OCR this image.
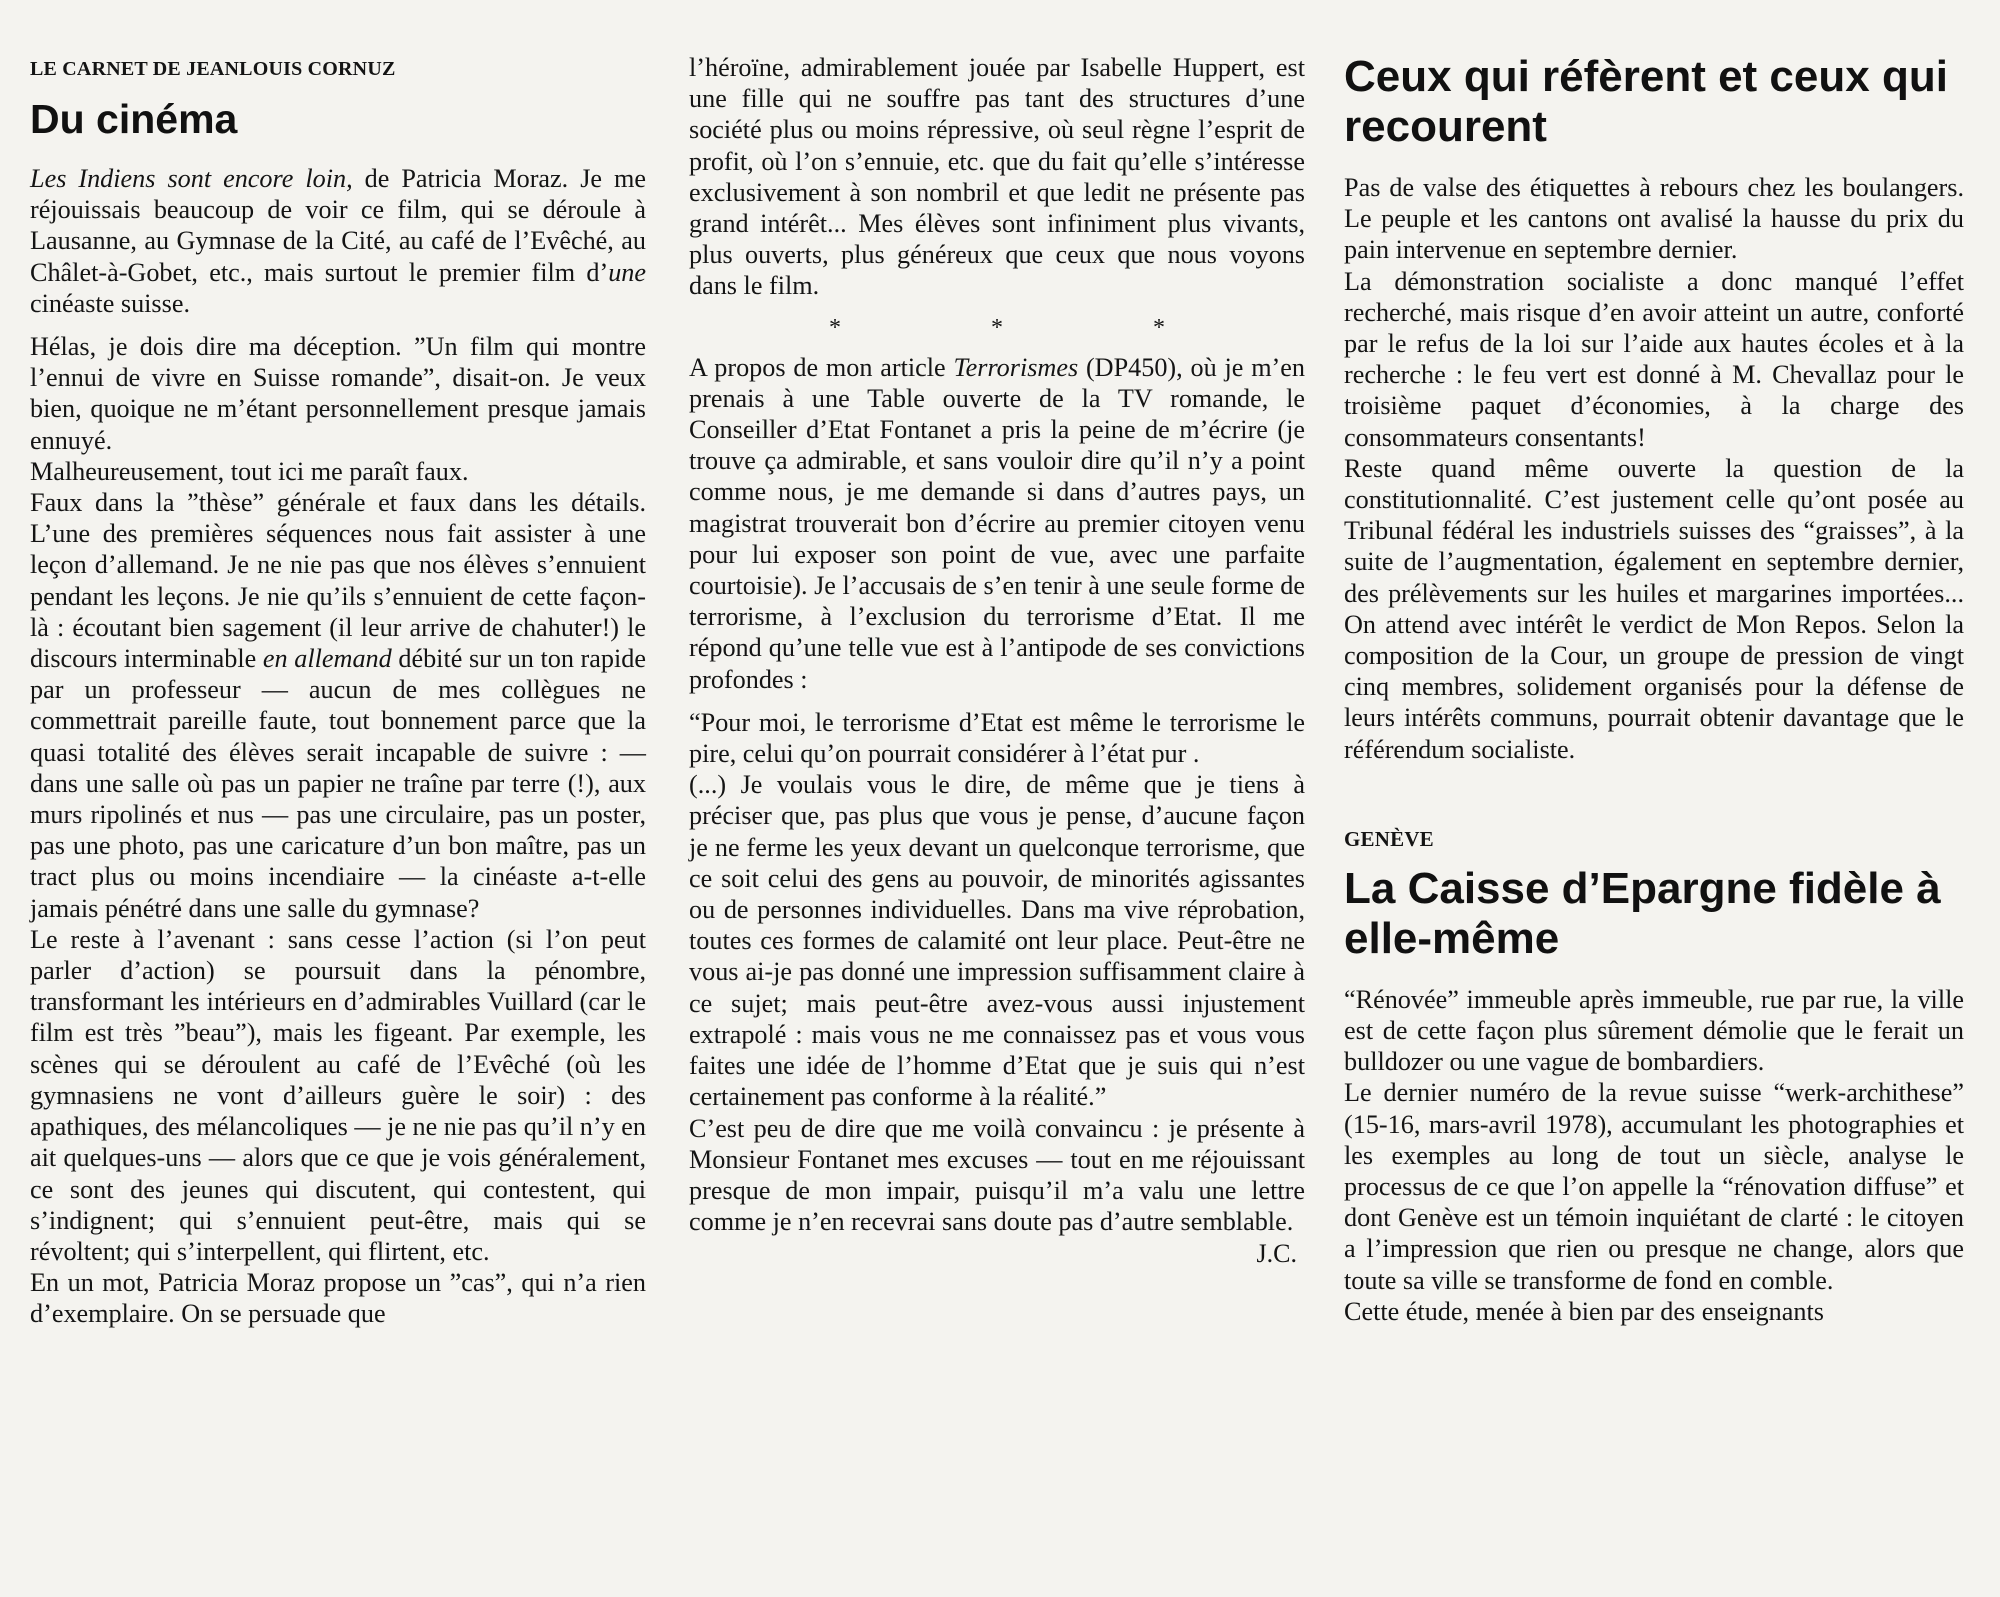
LE CARNET DE JEANLOUIS CORNUZ
Du cinéma

Les Indiens sont encore loin, de Patricia Moraz. Je me réjouissais beaucoup de voir ce film, qui se déroule à Lausanne, au Gymnase de la Cité, au café de l’Evêché, au Châlet-à-Gobet, etc., mais surtout le premier film d’une cinéaste suisse.

Hélas, je dois dire ma déception. ”Un film qui montre l’ennui de vivre en Suisse romande”, disait-on. Je veux bien, quoique ne m’étant personnellement presque jamais ennuyé.

Malheureusement, tout ici me paraît faux.

Faux dans la ”thèse” générale et faux dans les détails. L’une des premières séquences nous fait assister à une leçon d’allemand. Je ne nie pas que nos élèves s’ennuient pendant les leçons. Je nie qu’ils s’ennuient de cette façon-là : écoutant bien sagement (il leur arrive de chahuter!) le discours interminable en allemand débité sur un ton rapide par un professeur — aucun de mes collègues ne commettrait pareille faute, tout bonnement parce que la quasi totalité des élèves serait incapable de suivre : — dans une salle où pas un papier ne traîne par terre (!), aux murs ripolinés et nus — pas une circulaire, pas un poster, pas une photo, pas une caricature d’un bon maître, pas un tract plus ou moins incendiaire — la cinéaste a-t-elle jamais pénétré dans une salle du gymnase?

Le reste à l’avenant : sans cesse l’action (si l’on peut parler d’action) se poursuit dans la pénombre, transformant les intérieurs en d’admirables Vuillard (car le film est très ”beau”), mais les figeant. Par exemple, les scènes qui se déroulent au café de l’Evêché (où les gymnasiens ne vont d’ailleurs guère le soir) : des apathiques, des mélancoliques — je ne nie pas qu’il n’y en ait quelques-uns — alors que ce que je vois généralement, ce sont des jeunes qui discutent, qui contestent, qui s’indignent; qui s’ennuient peut-être, mais qui se révoltent; qui s’interpellent, qui flirtent, etc.

En un mot, Patricia Moraz propose un ”cas”, qui n’a rien d’exemplaire. On se persuade que

l’héroïne, admirablement jouée par Isabelle Huppert, est une fille qui ne souffre pas tant des structures d’une société plus ou moins répressive, où seul règne l’esprit de profit, où l’on s’ennuie, etc. que du fait qu’elle s’intéresse exclusivement à son nombril et que ledit ne présente pas grand intérêt... Mes élèves sont infiniment plus vivants, plus ouverts, plus généreux que ceux que nous voyons dans le film.

*	*	*

A propos de mon article Terrorismes (DP450), où je m’en prenais à une Table ouverte de la TV romande, le Conseiller d’Etat Fontanet a pris la peine de m’écrire (je trouve ça admirable, et sans vouloir dire qu’il n’y a point comme nous, je me demande si dans d’autres pays, un magistrat trouverait bon d’écrire au premier citoyen venu pour lui exposer son point de vue, avec une parfaite courtoisie). Je l’accusais de s’en tenir à une seule forme de terrorisme, à l’exclusion du terrorisme d’Etat. Il me répond qu’une telle vue est à l’antipode de ses convictions profondes :

“Pour moi, le terrorisme d’Etat est même le terrorisme le pire, celui qu’on pourrait considérer à l’état pur .

(...) Je voulais vous le dire, de même que je tiens à préciser que, pas plus que vous je pense, d’aucune façon je ne ferme les yeux devant un quelconque terrorisme, que ce soit celui des gens au pouvoir, de minorités agissantes ou de personnes individuelles. Dans ma vive réprobation, toutes ces formes de calamité ont leur place. Peut-être ne vous ai-je pas donné une impression suffisamment claire à ce sujet; mais peut-être avez-vous aussi injustement extrapolé : mais vous ne me connaissez pas et vous vous faites une idée de l’homme d’Etat que je suis qui n’est certainement pas conforme à la réalité.”

C’est peu de dire que me voilà convaincu : je présente à Monsieur Fontanet mes excuses — tout en me réjouissant presque de mon impair, puisqu’il m’a valu une lettre comme je n’en recevrai sans doute pas d’autre semblable.

J.C.
Ceux qui réfèrent et ceux qui recourent

Pas de valse des étiquettes à rebours chez les boulangers. Le peuple et les cantons ont avalisé la hausse du prix du pain intervenue en septembre dernier.

La démonstration socialiste a donc manqué l’effet recherché, mais risque d’en avoir atteint un autre, conforté par le refus de la loi sur l’aide aux hautes écoles et à la recherche : le feu vert est donné à M. Chevallaz pour le troisième paquet d’économies, à la charge des consommateurs consentants!

Reste quand même ouverte la question de la constitutionnalité. C’est justement celle qu’ont posée au Tribunal fédéral les industriels suisses des “graisses”, à la suite de l’augmentation, également en septembre dernier, des prélèvements sur les huiles et margarines importées... On attend avec intérêt le verdict de Mon Repos. Selon la composition de la Cour, un groupe de pression de vingt cinq membres, solidement organisés pour la défense de leurs intérêts communs, pourrait obtenir davantage que le référendum socialiste.

GENÈVE
La Caisse d’Epargne fidèle à elle-même

“Rénovée” immeuble après immeuble, rue par rue, la ville est de cette façon plus sûrement démolie que le ferait un bulldozer ou une vague de bombardiers.

Le dernier numéro de la revue suisse “werk-archithese” (15-16, mars-avril 1978), accumulant les photographies et les exemples au long de tout un siècle, analyse le processus de ce que l’on appelle la “rénovation diffuse” et dont Genève est un témoin inquiétant de clarté : le citoyen a l’impression que rien ou presque ne change, alors que toute sa ville se transforme de fond en comble.

Cette étude, menée à bien par des enseignants
